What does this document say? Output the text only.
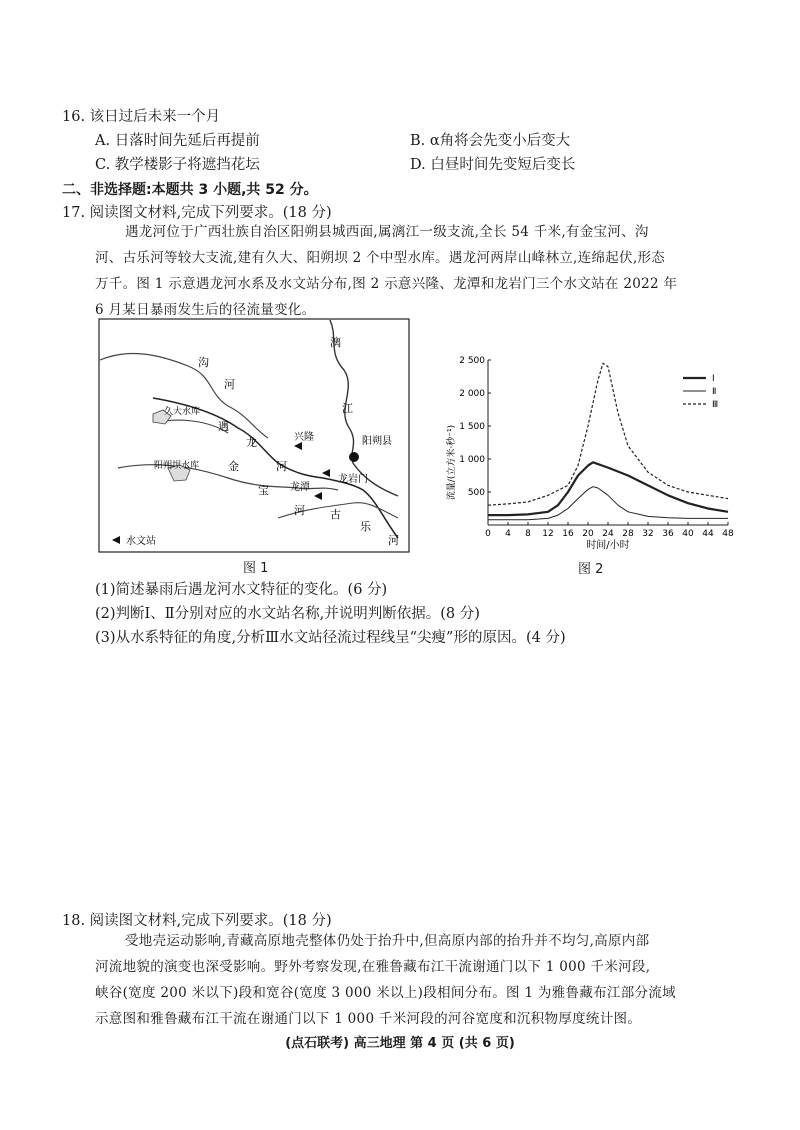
16. 该日过后未来一个月
A. 日落时间先延后再提前	B. α角将会先变小后变大
C. 教学楼影子将遮挡花坛	D. 白昼时间先变短后变长
二、非选择题:本题共 3 小题,共 52 分。
17. 阅读图文材料,完成下列要求。(18 分)
遇龙河位于广西壮族自治区阳朔县城西面,属漓江一级支流,全长 54 千米,有金宝河、沟
河、古乐河等较大支流,建有久大、阳朔坝 2 个中型水库。遇龙河两岸山峰林立,连绵起伏,形态
万千。图 1 示意遇龙河水系及水文站分布,图 2 示意兴隆、龙潭和龙岩门三个水文站在 2022 年
6 月某日暴雨发生后的径流量变化。
漓
江
沟
河
遇
龙
河
久大水库
阳朔坝水库	金
宝
河 古
乐
河
兴隆	阳朔县
龙潭
龙岩门
水文站
图 1
0 4 8 12 16 20 24 28 32 36 40 44 48
500
1 000
1 500
2 000
2 500
时间/小时
流量/(立方米·秒⁻¹)
Ⅰ
Ⅱ
Ⅲ
图 2
(1)简述暴雨后遇龙河水文特征的变化。(6 分)
(2)判断Ⅰ、Ⅱ分别对应的水文站名称,并说明判断依据。(8 分)
(3)从水系特征的角度,分析Ⅲ水文站径流过程线呈“尖瘦”形的原因。(4 分)
18. 阅读图文材料,完成下列要求。(18 分)
受地壳运动影响,青藏高原地壳整体仍处于抬升中,但高原内部的抬升并不均匀,高原内部
河流地貌的演变也深受影响。野外考察发现,在雅鲁藏布江干流谢通门以下 1 000 千米河段,
峡谷(宽度 200 米以下)段和宽谷(宽度 3 000 米以上)段相间分布。图 1 为雅鲁藏布江部分流域
示意图和雅鲁藏布江干流在谢通门以下 1 000 千米河段的河谷宽度和沉积物厚度统计图。
(点石联考) 高三地理 第 4 页 (共 6 页)
